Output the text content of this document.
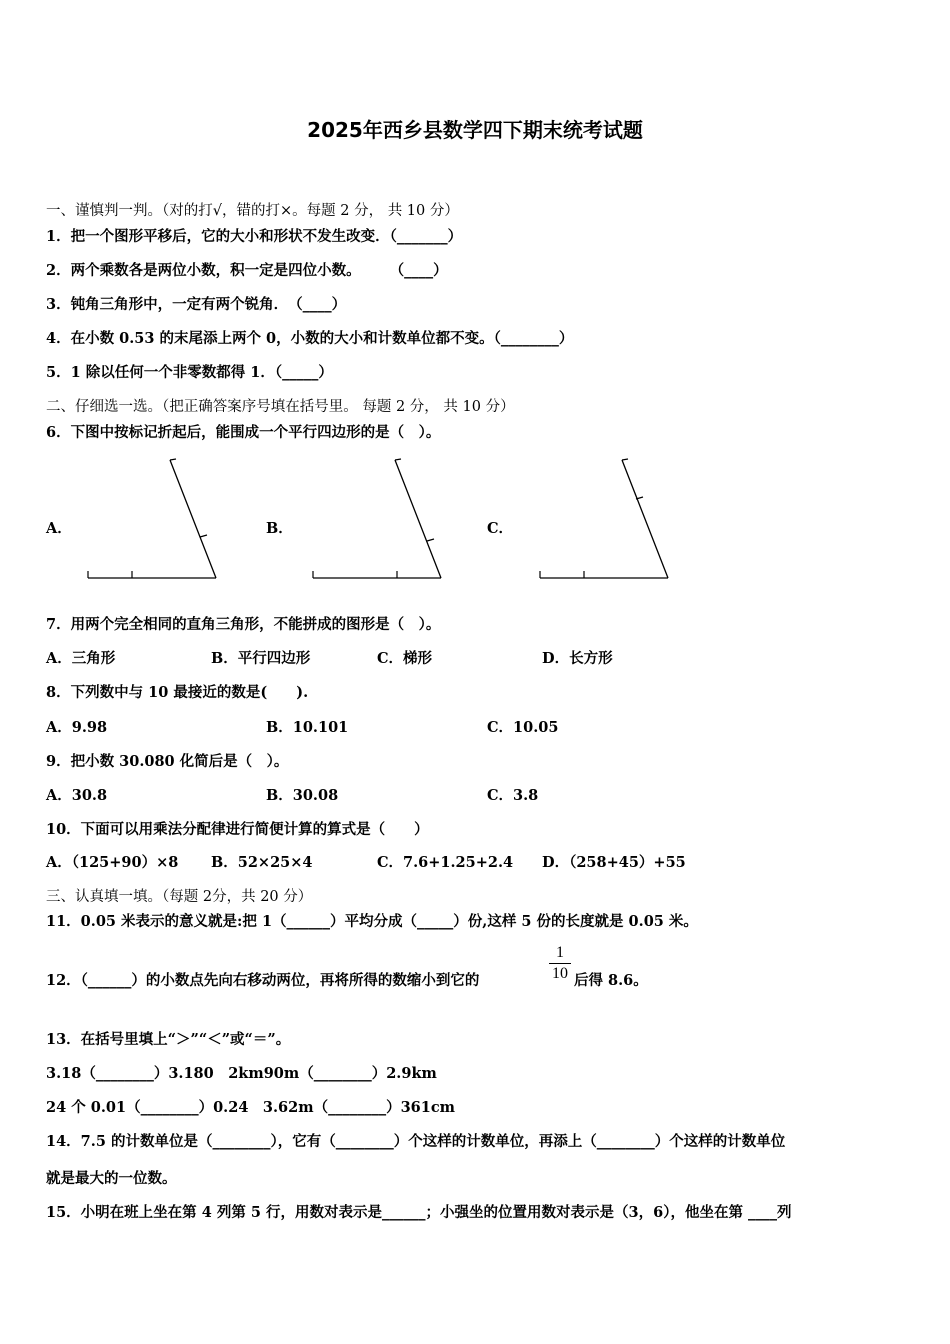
2025年西乡县数学四下期末统考试题
一、谨慎判一判。（对的打√，错的打×。每题 2 分， 共 10 分）
1．把一个图形平移后，它的大小和形状不发生改变．（_______）
2．两个乘数各是两位小数，积一定是四位小数。　　　（____）
3．钝角三角形中，一定有两个锐角．　（____）
4．在小数 0.53 的末尾添上两个 0，小数的大小和计数单位都不变。（________）
5．1 除以任何一个非零数都得 1．（_____）
二、仔细选一选。（把正确答案序号填在括号里。 每题 2 分， 共 10 分）
6．下图中按标记折起后，能围成一个平行四边形的是（　）。
A．	B．	C．
7．用两个完全相同的直角三角形，不能拼成的图形是（　）。
A．三角形	B．平行四边形	C．梯形	D．长方形
8．下列数中与 10 最接近的数是(　　).
A．9.98	B．10.101	C．10.05
9．把小数 30.080 化简后是（　）。
A．30.8	B．30.08	C．3.8
10．下面可以用乘法分配律进行简便计算的算式是（　　）
A．（125+90）×8 B．52×25×4	C．7.6+1.25+2.4 D．（258+45）+55
三、认真填一填。（每题 2分，共 20 分）
11．0.05 米表示的意义就是:把 1（______）平均分成（_____）份,这样 5 份的长度就是 0.05 米。
12．（______）的小数点先向右移动两位，再将所得的数缩小到它的
1
10 后得 8.6。
13．在括号里填上“＞”“＜”或“＝”。
3.18（________）3.180　2km90m（________）2.9km
24 个 0.01（________）0.24　3.62m（________）361cm
14．7.5 的计数单位是（________），它有（________）个这样的计数单位，再添上（________）个这样的计数单位
就是最大的一位数。
15．小明在班上坐在第 4 列第 5 行，用数对表示是______；小强坐的位置用数对表示是（3，6），他坐在第 ____列
